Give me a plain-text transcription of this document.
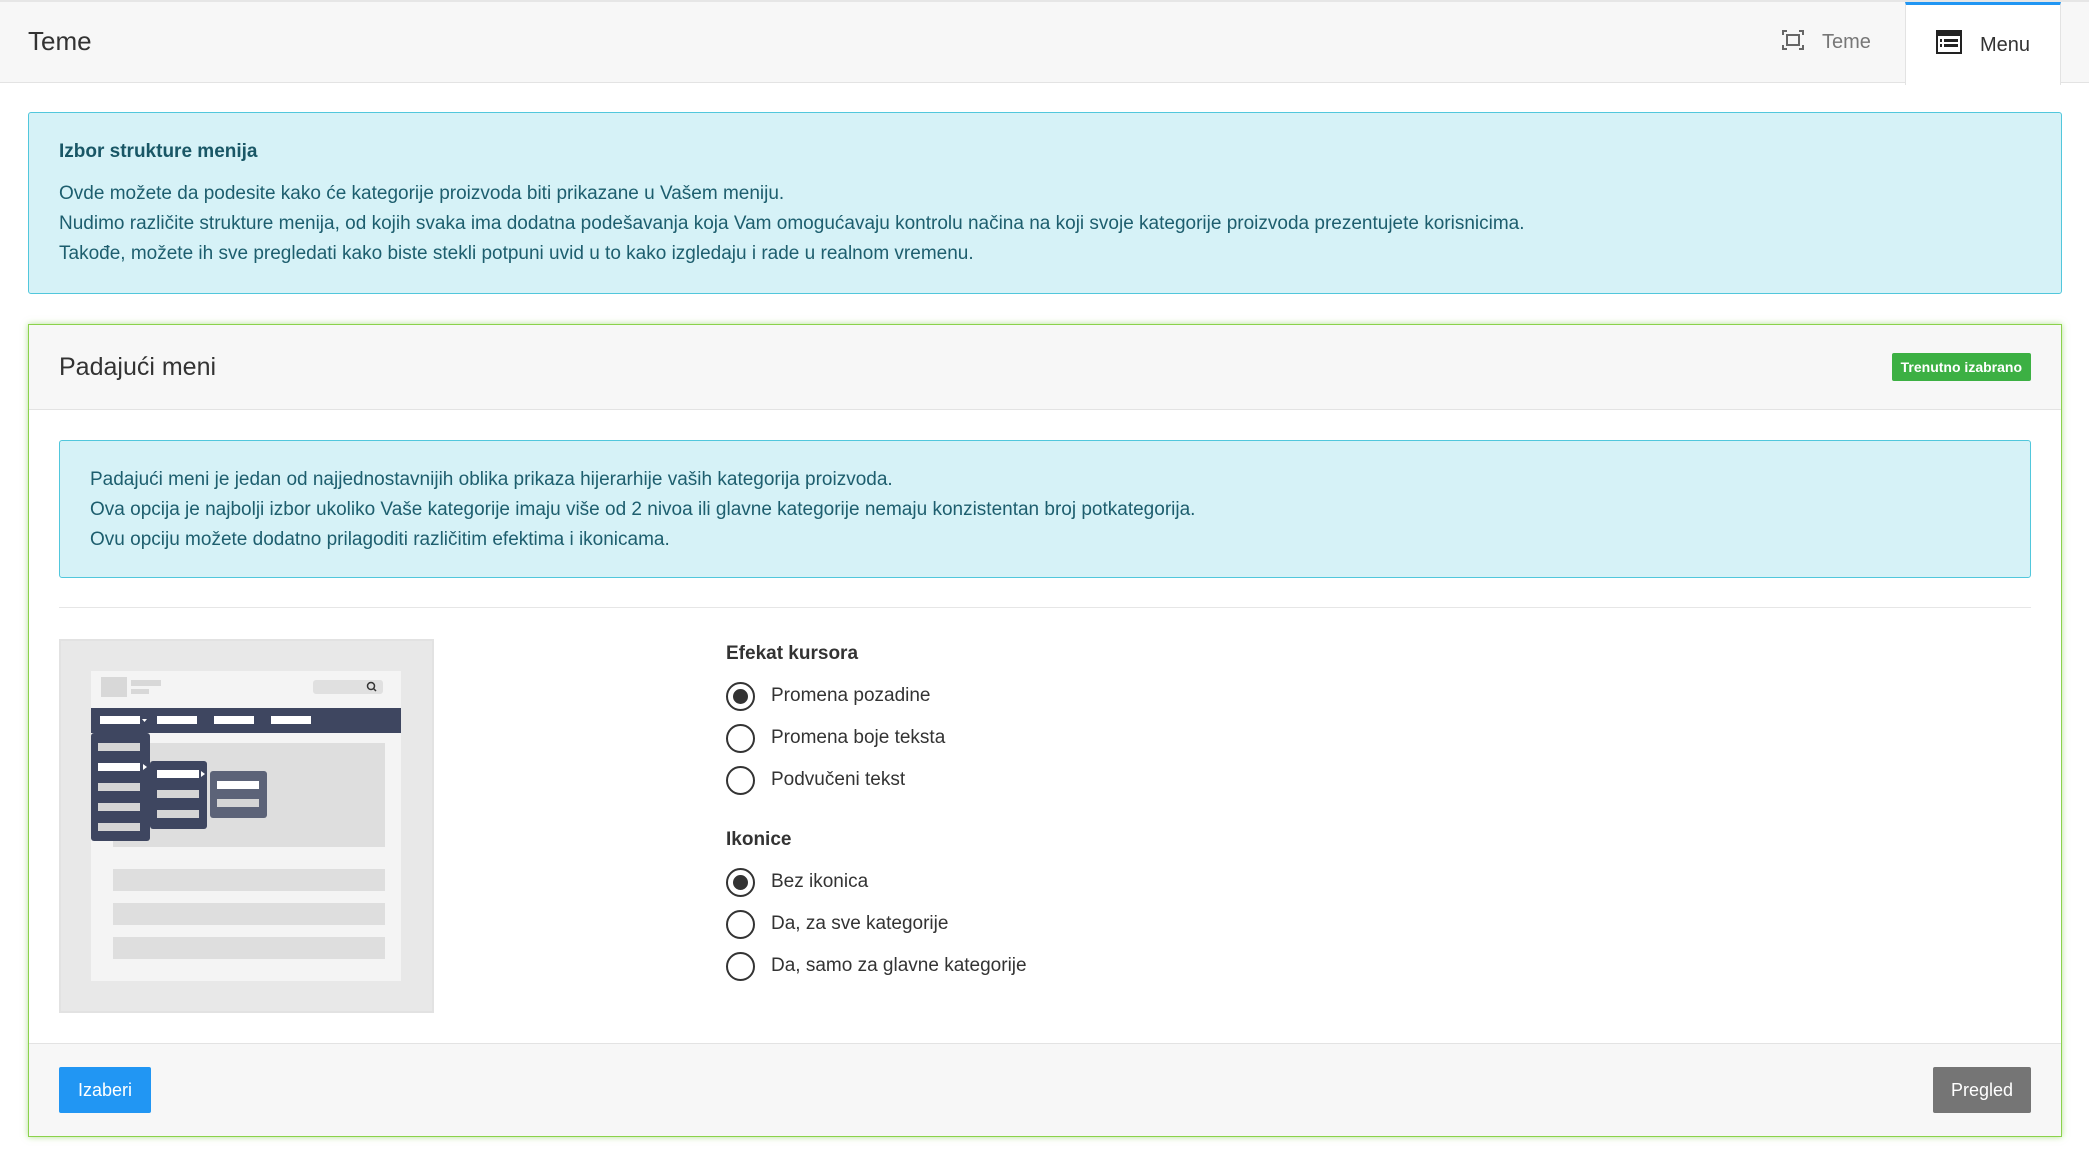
Teme	Teme	Menu
Izbor strukture menija
Ovde možete da podesite kako će kategorije proizvoda biti prikazane u Vašem meniju.
Nudimo različite strukture menija, od kojih svaka ima dodatna podešavanja koja Vam omogućavaju kontrolu načina na koji svoje kategorije proizvoda prezentujete korisnicima.
Takođe, možete ih sve pregledati kako biste stekli potpuni uvid u to kako izgledaju i rade u realnom vremenu.
Padajući meni	Trenutno izabrano
Efekat kursora
Promena pozadine
Promena boje teksta
Podvučeni tekst
Ikonice
Bez ikonica
Da, za sve kategorije
Da, samo za glavne kategorije
Izaberi	Pregled
Padajući meni je jedan od najjednostavnijih oblika prikaza hijerarhije vaših kategorija proizvoda.
Ova opcija je najbolji izbor ukoliko Vaše kategorije imaju više od 2 nivoa ili glavne kategorije nemaju konzistentan broj potkategorija.
Ovu opciju možete dodatno prilagoditi različitim efektima i ikonicama.
